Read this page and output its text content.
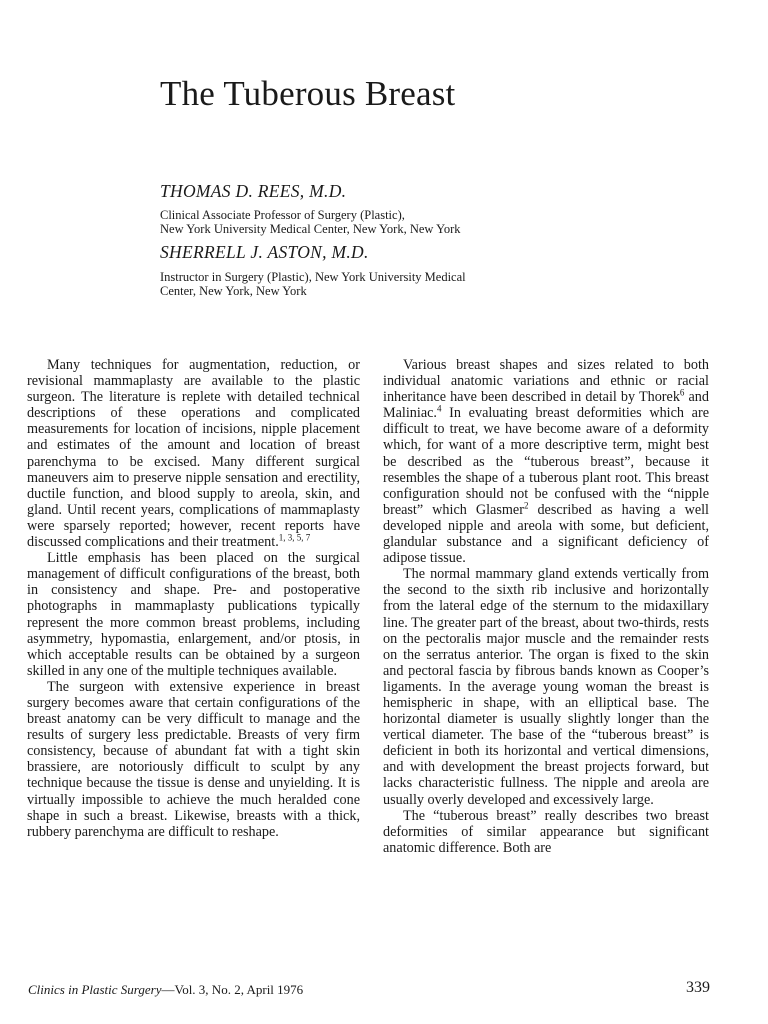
The Tuberous Breast
THOMAS D. REES, M.D.
Clinical Associate Professor of Surgery (Plastic),
New York University Medical Center, New York, New York
SHERRELL J. ASTON, M.D.
Instructor in Surgery (Plastic), New York University Medical
Center, New York, New York

Many techniques for augmentation, reduction, or revisional mammaplasty are available to the plastic surgeon. The literature is replete with detailed technical descriptions of these operations and complicated measurements for location of incisions, nipple placement and estimates of the amount and location of breast parenchyma to be excised. Many different surgical maneuvers aim to preserve nipple sensation and erectility, ductile function, and blood supply to areola, skin, and gland. Until recent years, complications of mammaplasty were sparsely reported; however, recent reports have discussed complications and their treatment.$^{1, 3, 5, 7}$

Little emphasis has been placed on the surgical management of difficult configurations of the breast, both in consistency and shape. Pre- and postoperative photographs in mammaplasty publications typically represent the more common breast problems, including asymmetry, hypomastia, enlargement, and/or ptosis, in which acceptable results can be obtained by a surgeon skilled in any one of the multiple techniques available.

The surgeon with extensive experience in breast surgery becomes aware that certain configurations of the breast anatomy can be very difficult to manage and the results of surgery less predictable. Breasts of very firm consistency, because of abundant fat with a tight skin brassiere, are notoriously difficult to sculpt by any technique because the tissue is dense and unyielding. It is virtually impossible to achieve the much heralded cone shape in such a breast. Likewise, breasts with a thick, rubbery parenchyma are difficult to reshape.

Various breast shapes and sizes related to both individual anatomic variations and ethnic or racial inheritance have been described in detail by Thorek$^6$ and Maliniac.$^4$ In evaluating breast deformities which are difficult to treat, we have become aware of a deformity which, for want of a more descriptive term, might best be described as the “tuberous breast”, because it resembles the shape of a tuberous plant root. This breast configuration should not be confused with the “nipple breast” which Glasmer$^2$ described as having a well developed nipple and areola with some, but deficient, glandular substance and a significant deficiency of adipose tissue.

The normal mammary gland extends vertically from the second to the sixth rib inclusive and horizontally from the lateral edge of the sternum to the midaxillary line. The greater part of the breast, about two-thirds, rests on the pectoralis major muscle and the remainder rests on the serratus anterior. The organ is fixed to the skin and pectoral fascia by fibrous bands known as Cooper’s ligaments. In the average young woman the breast is hemispheric in shape, with an elliptical base. The horizontal diameter is usually slightly longer than the vertical diameter. The base of the “tuberous breast” is deficient in both its horizontal and vertical dimensions, and with development the breast projects forward, but lacks characteristic fullness. The nipple and areola are usually overly developed and excessively large.

The “tuberous breast” really describes two breast deformities of similar appearance but significant anatomic difference. Both are

Clinics in Plastic Surgery—Vol. 3, No. 2, April 1976	339
